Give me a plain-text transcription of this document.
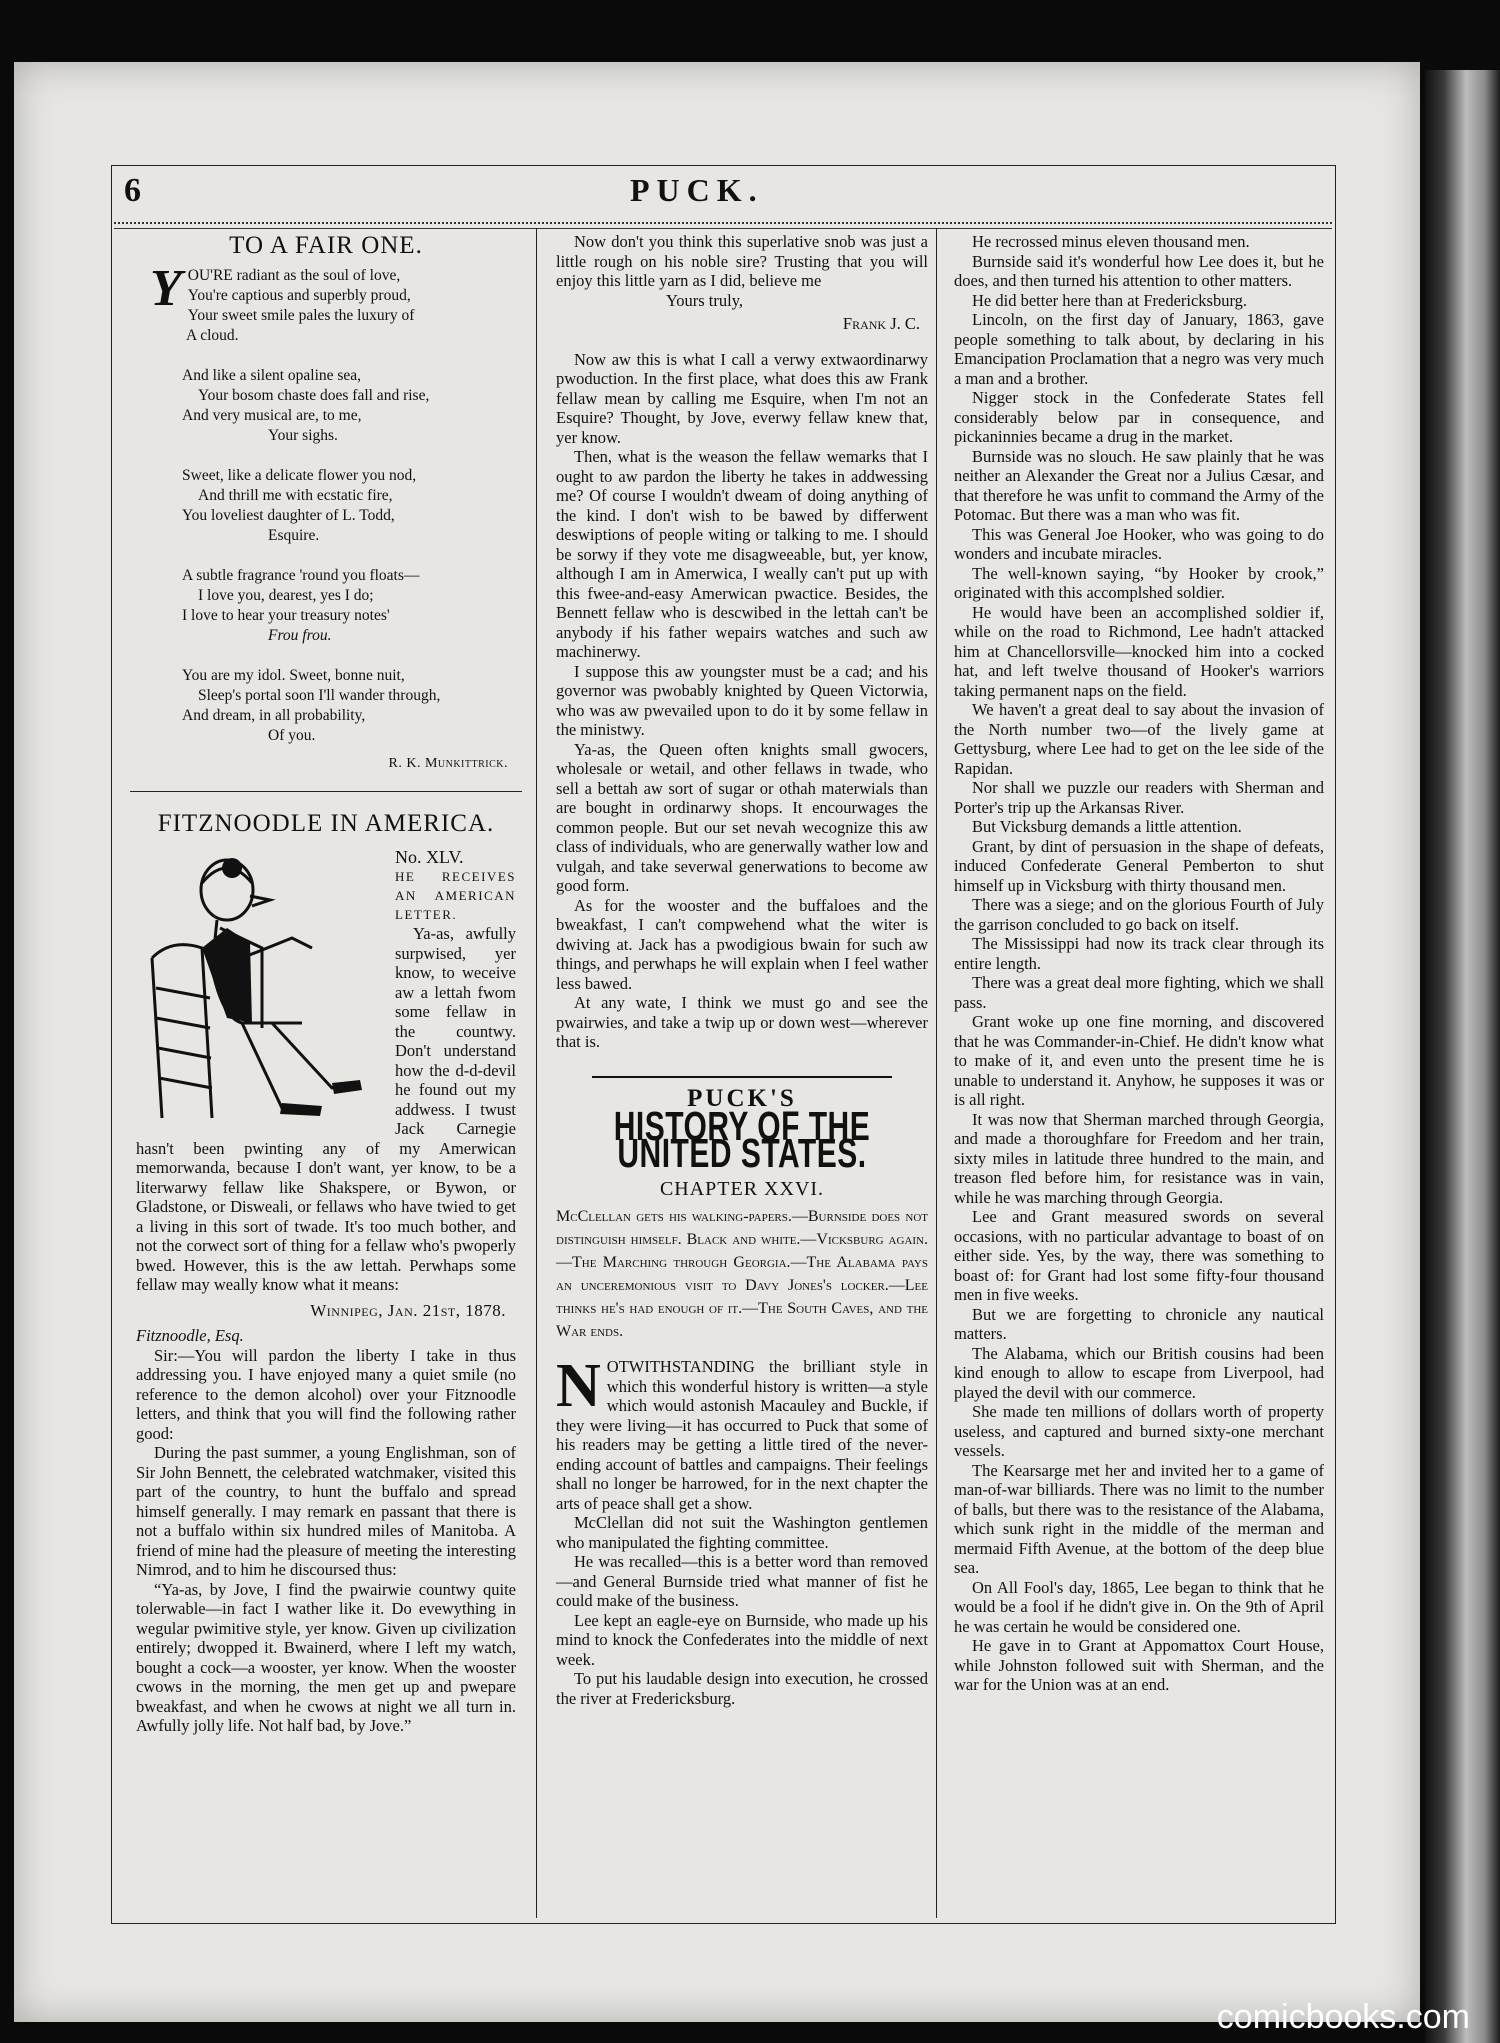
6	PUCK.
TO A FAIR ONE.
Y OU'RE radiant as the soul of love,
You're captious and superbly proud,
Your sweet smile pales the luxury of
A cloud.
And like a silent opaline sea,
Your bosom chaste does fall and rise,
And very musical are, to me,
Your sighs.
Sweet, like a delicate flower you nod,
And thrill me with ecstatic fire,
You loveliest daughter of L. Todd,
Esquire.
A subtle fragrance 'round you floats—
I love you, dearest, yes I do;
I love to hear your treasury notes'
Frou frou.
You are my idol. Sweet, bonne nuit,
Sleep's portal soon I'll wander through,
And dream, in all probability,
Of you.
R. K. Munkittrick.
FITZNOODLE IN AMERICA.
No. XLV.
HE RECEIVES AN AMERICAN LETTER.

Ya-as, awfully surpwised, yer know, to weceive aw a lettah fwom some fellaw in the countwy. Don't understand how the d-d-devil he found out my addwess. I twust Jack Carnegie hasn't been pwinting any of my Amerwican memorwanda, because I don't want, yer know, to be a literwarwy fellaw like Shakspere, or Bywon, or Gladstone, or Disweali, or fellaws who have twied to get a living in this sort of twade. It's too much bother, and not the corwect sort of thing for a fellaw who's pwoperly bwed. However, this is the aw lettah. Perwhaps some fellaw may weally know what it means:

Winnipeg, Jan. 21st, 1878.

Fitznoodle, Esq.

Sir:—You will pardon the liberty I take in thus addressing you. I have enjoyed many a quiet smile (no reference to the demon alcohol) over your Fitznoodle letters, and think that you will find the following rather good:

During the past summer, a young Englishman, son of Sir John Bennett, the celebrated watchmaker, visited this part of the country, to hunt the buffalo and spread himself generally. I may remark en passant that there is not a buffalo within six hundred miles of Manitoba. A friend of mine had the pleasure of meeting the interesting Nimrod, and to him he discoursed thus:

“Ya-as, by Jove, I find the pwairwie countwy quite tolerwable—in fact I wather like it. Do evewything in wegular pwimitive style, yer know. Given up civilization entirely; dwopped it. Bwainerd, where I left my watch, bought a cock—a wooster, yer know. When the wooster cwows in the morning, the men get up and pwepare bweakfast, and when he cwows at night we all turn in. Awfully jolly life. Not half bad, by Jove.”

Now don't you think this superlative snob was just a little rough on his noble sire? Trusting that you will enjoy this little yarn as I did, believe me

Yours truly,

Frank J. C.

Now aw this is what I call a verwy extwaordinarwy pwoduction. In the first place, what does this aw Frank fellaw mean by calling me Esquire, when I'm not an Esquire? Thought, by Jove, everwy fellaw knew that, yer know.

Then, what is the weason the fellaw wemarks that I ought to aw pardon the liberty he takes in addwessing me? Of course I wouldn't dweam of doing anything of the kind. I don't wish to be bawed by differwent deswiptions of people witing or talking to me. I should be sorwy if they vote me disagweeable, but, yer know, although I am in Amerwica, I weally can't put up with this fwee-and-easy Amerwican pwactice. Besides, the Bennett fellaw who is descwibed in the lettah can't be anybody if his father wepairs watches and such aw machinerwy.

I suppose this aw youngster must be a cad; and his governor was pwobably knighted by Queen Victorwia, who was aw pwevailed upon to do it by some fellaw in the ministwy.

Ya-as, the Queen often knights small gwocers, wholesale or wetail, and other fellaws in twade, who sell a bettah aw sort of sugar or othah materwials than are bought in ordinarwy shops. It encourwages the common people. But our set nevah wecognize this aw class of individuals, who are generwally wather low and vulgah, and take severwal generwations to become aw good form.

As for the wooster and the buffaloes and the bweakfast, I can't compwehend what the witer is dwiving at. Jack has a pwodigious bwain for such aw things, and perwhaps he will explain when I feel wather less bawed.

At any wate, I think we must go and see the pwairwies, and take a twip up or down west—wherever that is.

PUCK'S
HISTORY OF THE UNITED STATES.
CHAPTER XXVI.

McClellan gets his walking-papers.—Burnside does not distinguish himself. Black and white.—Vicksburg again.—The Marching through Georgia.—The Alabama pays an unceremonious visit to Davy Jones's locker.—Lee thinks he's had enough of it.—The South Caves, and the War ends.

N OTWITHSTANDING the brilliant style in which this wonderful history is written—a style which would astonish Macauley and Buckle, if they were living—it has occurred to Puck that some of his readers may be getting a little tired of the never-ending account of battles and campaigns. Their feelings shall no longer be harrowed, for in the next chapter the arts of peace shall get a show.

McClellan did not suit the Washington gentlemen who manipulated the fighting committee.

He was recalled—this is a better word than removed—and General Burnside tried what manner of fist he could make of the business.

Lee kept an eagle-eye on Burnside, who made up his mind to knock the Confederates into the middle of next week.

To put his laudable design into execution, he crossed the river at Fredericksburg.

He recrossed minus eleven thousand men.

Burnside said it's wonderful how Lee does it, but he does, and then turned his attention to other matters.

He did better here than at Fredericksburg.

Lincoln, on the first day of January, 1863, gave people something to talk about, by declaring in his Emancipation Proclamation that a negro was very much a man and a brother.

Nigger stock in the Confederate States fell considerably below par in consequence, and pickaninnies became a drug in the market.

Burnside was no slouch. He saw plainly that he was neither an Alexander the Great nor a Julius Cæsar, and that therefore he was unfit to command the Army of the Potomac. But there was a man who was fit.

This was General Joe Hooker, who was going to do wonders and incubate miracles.

The well-known saying, “by Hooker by crook,” originated with this accomplshed soldier.

He would have been an accomplished soldier if, while on the road to Richmond, Lee hadn't attacked him at Chancellorsville—knocked him into a cocked hat, and left twelve thousand of Hooker's warriors taking permanent naps on the field.

We haven't a great deal to say about the invasion of the North number two—of the lively game at Gettysburg, where Lee had to get on the lee side of the Rapidan.

Nor shall we puzzle our readers with Sherman and Porter's trip up the Arkansas River.

But Vicksburg demands a little attention.

Grant, by dint of persuasion in the shape of defeats, induced Confederate General Pemberton to shut himself up in Vicksburg with thirty thousand men.

There was a siege; and on the glorious Fourth of July the garrison concluded to go back on itself.

The Mississippi had now its track clear through its entire length.

There was a great deal more fighting, which we shall pass.

Grant woke up one fine morning, and discovered that he was Commander-in-Chief. He didn't know what to make of it, and even unto the present time he is unable to understand it. Anyhow, he supposes it was or is all right.

It was now that Sherman marched through Georgia, and made a thoroughfare for Freedom and her train, sixty miles in latitude three hundred to the main, and treason fled before him, for resistance was in vain, while he was marching through Georgia.

Lee and Grant measured swords on several occasions, with no particular advantage to boast of on either side. Yes, by the way, there was something to boast of: for Grant had lost some fifty-four thousand men in five weeks.

But we are forgetting to chronicle any nautical matters.

The Alabama, which our British cousins had been kind enough to allow to escape from Liverpool, had played the devil with our commerce.

She made ten millions of dollars worth of property useless, and captured and burned sixty-one merchant vessels.

The Kearsarge met her and invited her to a game of man-of-war billiards. There was no limit to the number of balls, but there was to the resistance of the Alabama, which sunk right in the middle of the merman and mermaid Fifth Avenue, at the bottom of the deep blue sea.

On All Fool's day, 1865, Lee began to think that he would be a fool if he didn't give in. On the 9th of April he was certain he would be considered one.

He gave in to Grant at Appomattox Court House, while Johnston followed suit with Sherman, and the war for the Union was at an end.

comicbooks.com
